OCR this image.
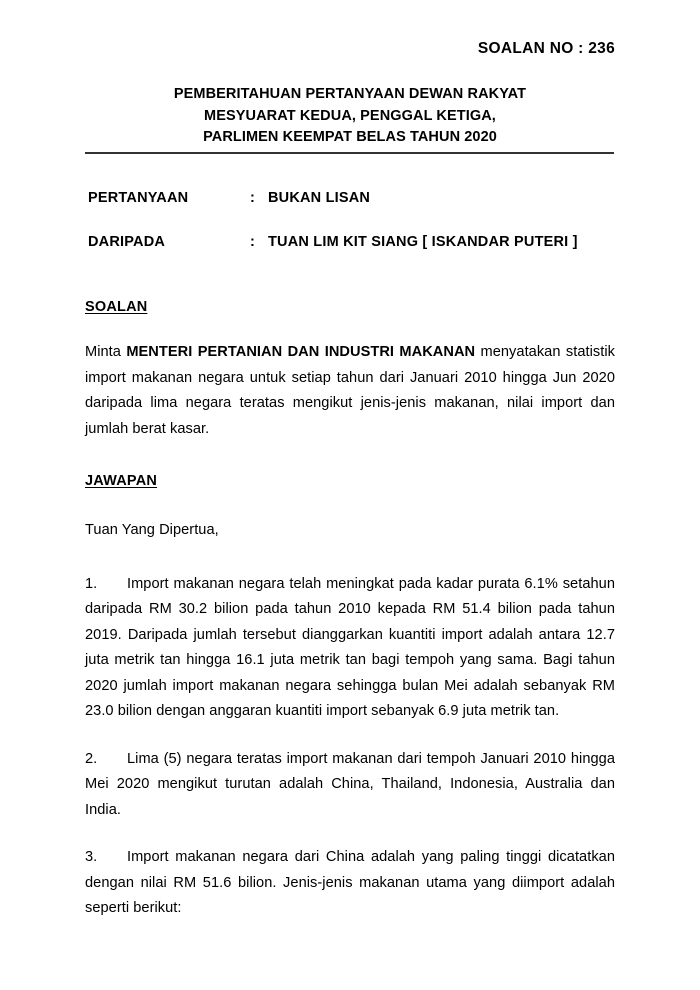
SOALAN NO : 236
PEMBERITAHUAN PERTANYAAN DEWAN RAKYAT
MESYUARAT KEDUA, PENGGAL KETIGA,
PARLIMEN KEEMPAT BELAS TAHUN 2020
PERTANYAAN	: BUKAN LISAN
DARIPADA	: TUAN LIM KIT SIANG [ ISKANDAR PUTERI ]
SOALAN

Minta MENTERI PERTANIAN DAN INDUSTRI MAKANAN menyatakan statistik import makanan negara untuk setiap tahun dari Januari 2010 hingga Jun 2020 daripada lima negara teratas mengikut jenis-jenis makanan, nilai import dan jumlah berat kasar.

JAWAPAN

Tuan Yang Dipertua,

1. Import makanan negara telah meningkat pada kadar purata 6.1% setahun daripada RM 30.2 bilion pada tahun 2010 kepada RM 51.4 bilion pada tahun 2019. Daripada jumlah tersebut dianggarkan kuantiti import adalah antara 12.7 juta metrik tan hingga 16.1 juta metrik tan bagi tempoh yang sama. Bagi tahun 2020 jumlah import makanan negara sehingga bulan Mei adalah sebanyak RM 23.0 bilion dengan anggaran kuantiti import sebanyak 6.9 juta metrik tan.

2. Lima (5) negara teratas import makanan dari tempoh Januari 2010 hingga Mei 2020 mengikut turutan adalah China, Thailand, Indonesia, Australia dan India.

3. Import makanan negara dari China adalah yang paling tinggi dicatatkan dengan nilai RM 51.6 bilion. Jenis-jenis makanan utama yang diimport adalah seperti berikut:
